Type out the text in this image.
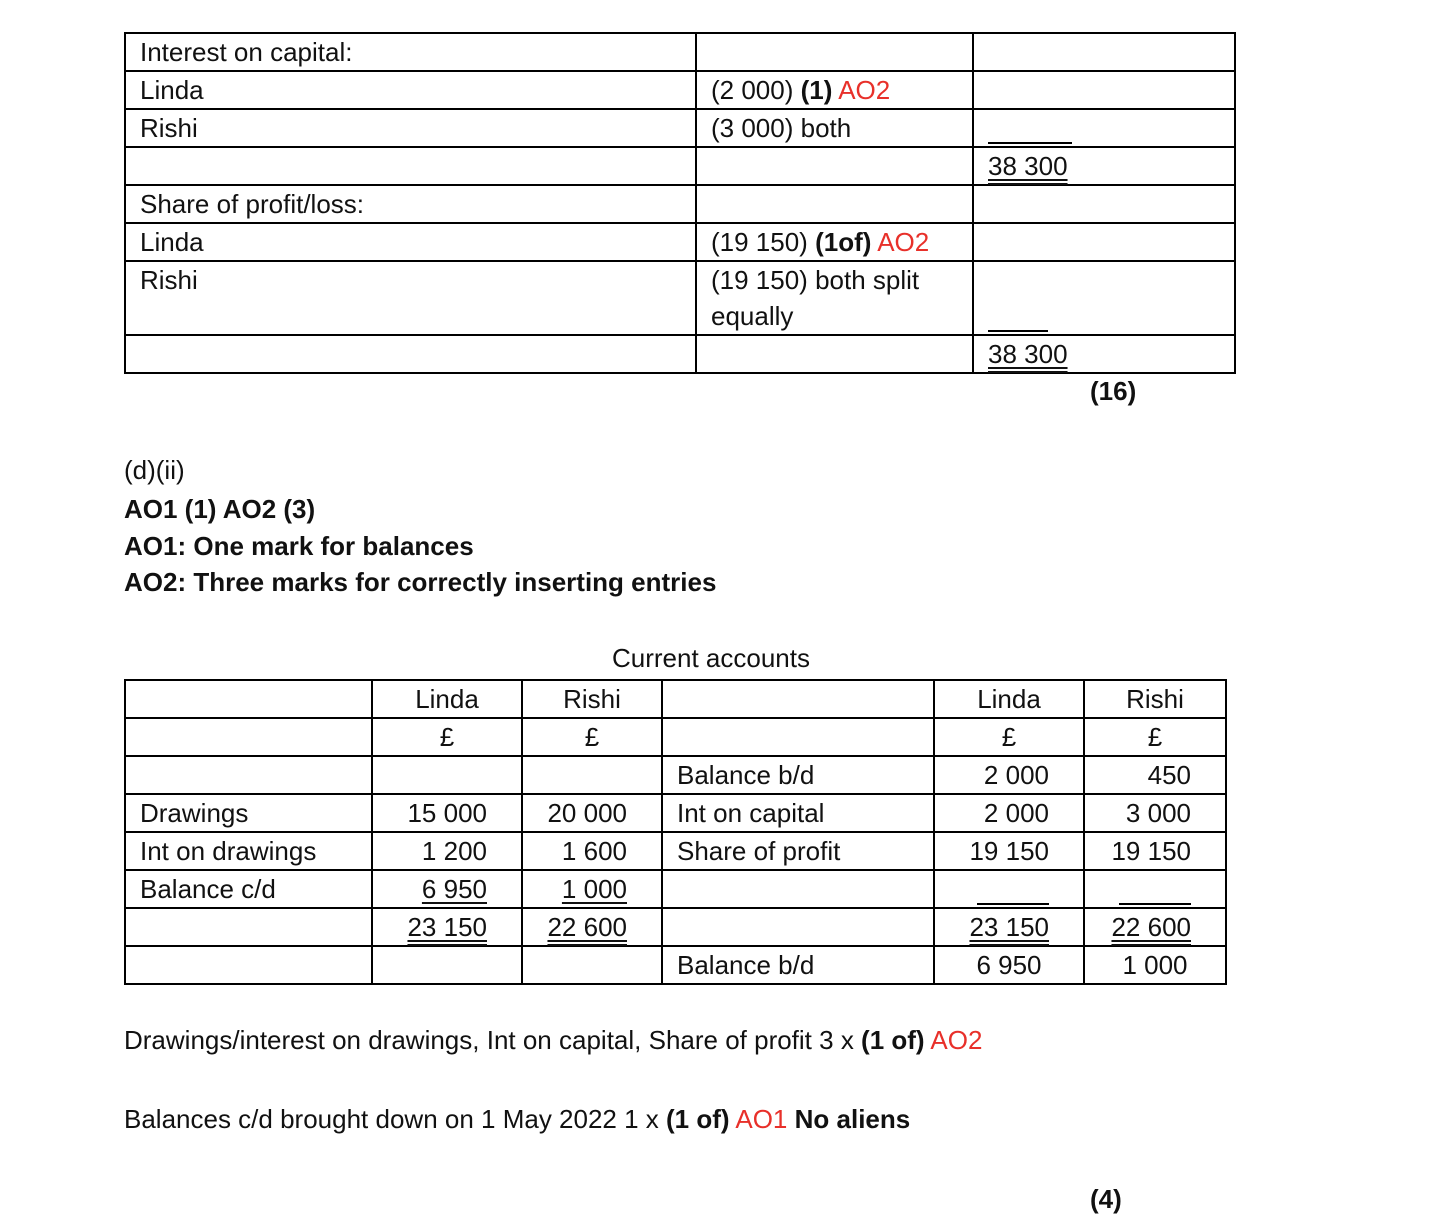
Interest on capital:		
Linda	(2 000) (1) AO2	
Rishi	(3 000) both	
		38 300
Share of profit/loss:		
Linda	(19 150) (1of) AO2	
Rishi	(19 150) both split equally	
		38 300
(16)
(d)(ii)
AO1 (1) AO2 (3)
AO1: One mark for balances
AO2: Three marks for correctly inserting entries
Current accounts
	Linda	Rishi		Linda	Rishi
	£	£		£	£
			Balance b/d	2 000	450
Drawings	15 000	20 000	Int on capital	2 000	3 000
Int on drawings	1 200	1 600	Share of profit	19 150	19 150
Balance c/d	6 950	1 000			
	23 150	22 600		23 150	22 600
			Balance b/d	6 950	1 000
Drawings/interest on drawings, Int on capital, Share of profit 3 x (1 of) AO2
Balances c/d brought down on 1 May 2022 1 x (1 of) AO1 No aliens
(4)
